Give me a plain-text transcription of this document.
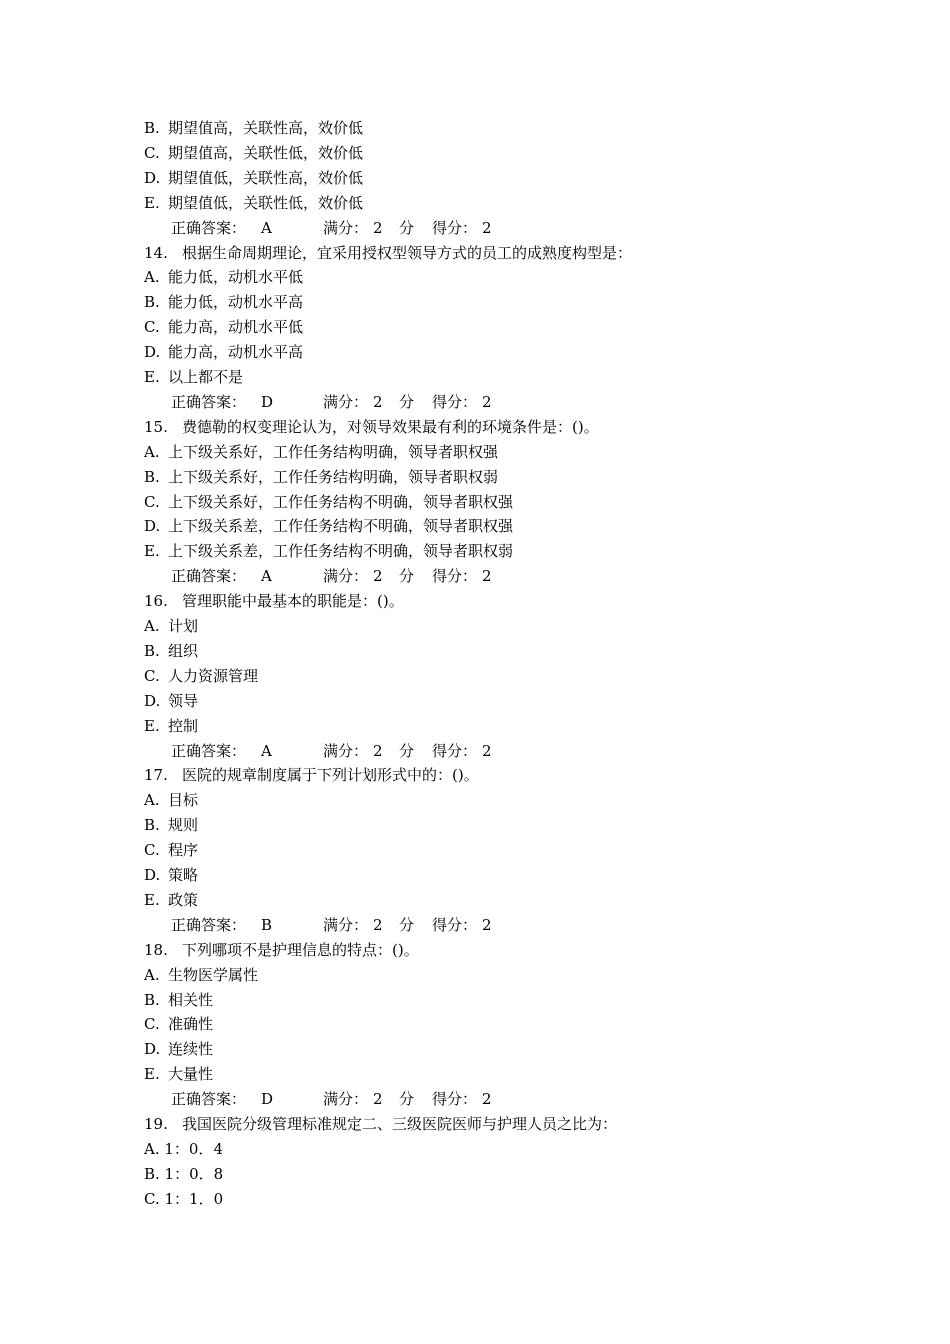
B. 期望值高，关联性高，效价低
C. 期望值高，关联性低，效价低
D. 期望值低，关联性高，效价低
E. 期望值低，关联性低，效价低
正确答案： A	满分： 2 分 得分： 2
14. 根据生命周期理论，宜采用授权型领导方式的员工的成熟度构型是：
A. 能力低，动机水平低
B. 能力低，动机水平高
C. 能力高，动机水平低
D. 能力高，动机水平高
E. 以上都不是
正确答案： D	满分： 2 分 得分： 2
15. 费德勒的权变理论认为，对领导效果最有利的环境条件是：()。
A. 上下级关系好，工作任务结构明确，领导者职权强
B. 上下级关系好，工作任务结构明确，领导者职权弱
C. 上下级关系好，工作任务结构不明确，领导者职权强
D. 上下级关系差，工作任务结构不明确，领导者职权强
E. 上下级关系差，工作任务结构不明确，领导者职权弱
正确答案： A	满分： 2 分 得分： 2
16. 管理职能中最基本的职能是：()。
A. 计划
B. 组织
C. 人力资源管理
D. 领导
E. 控制
正确答案： A	满分： 2 分 得分： 2
17. 医院的规章制度属于下列计划形式中的：()。
A. 目标
B. 规则
C. 程序
D. 策略
E. 政策
正确答案： B	满分： 2 分 得分： 2
18. 下列哪项不是护理信息的特点：()。
A. 生物医学属性
B. 相关性
C. 准确性
D. 连续性
E. 大量性
正确答案： D	满分： 2 分 得分： 2
19. 我国医院分级管理标准规定二、三级医院医师与护理人员之比为：
A. 1：0．4
B. 1：0．8
C. 1：1．0
